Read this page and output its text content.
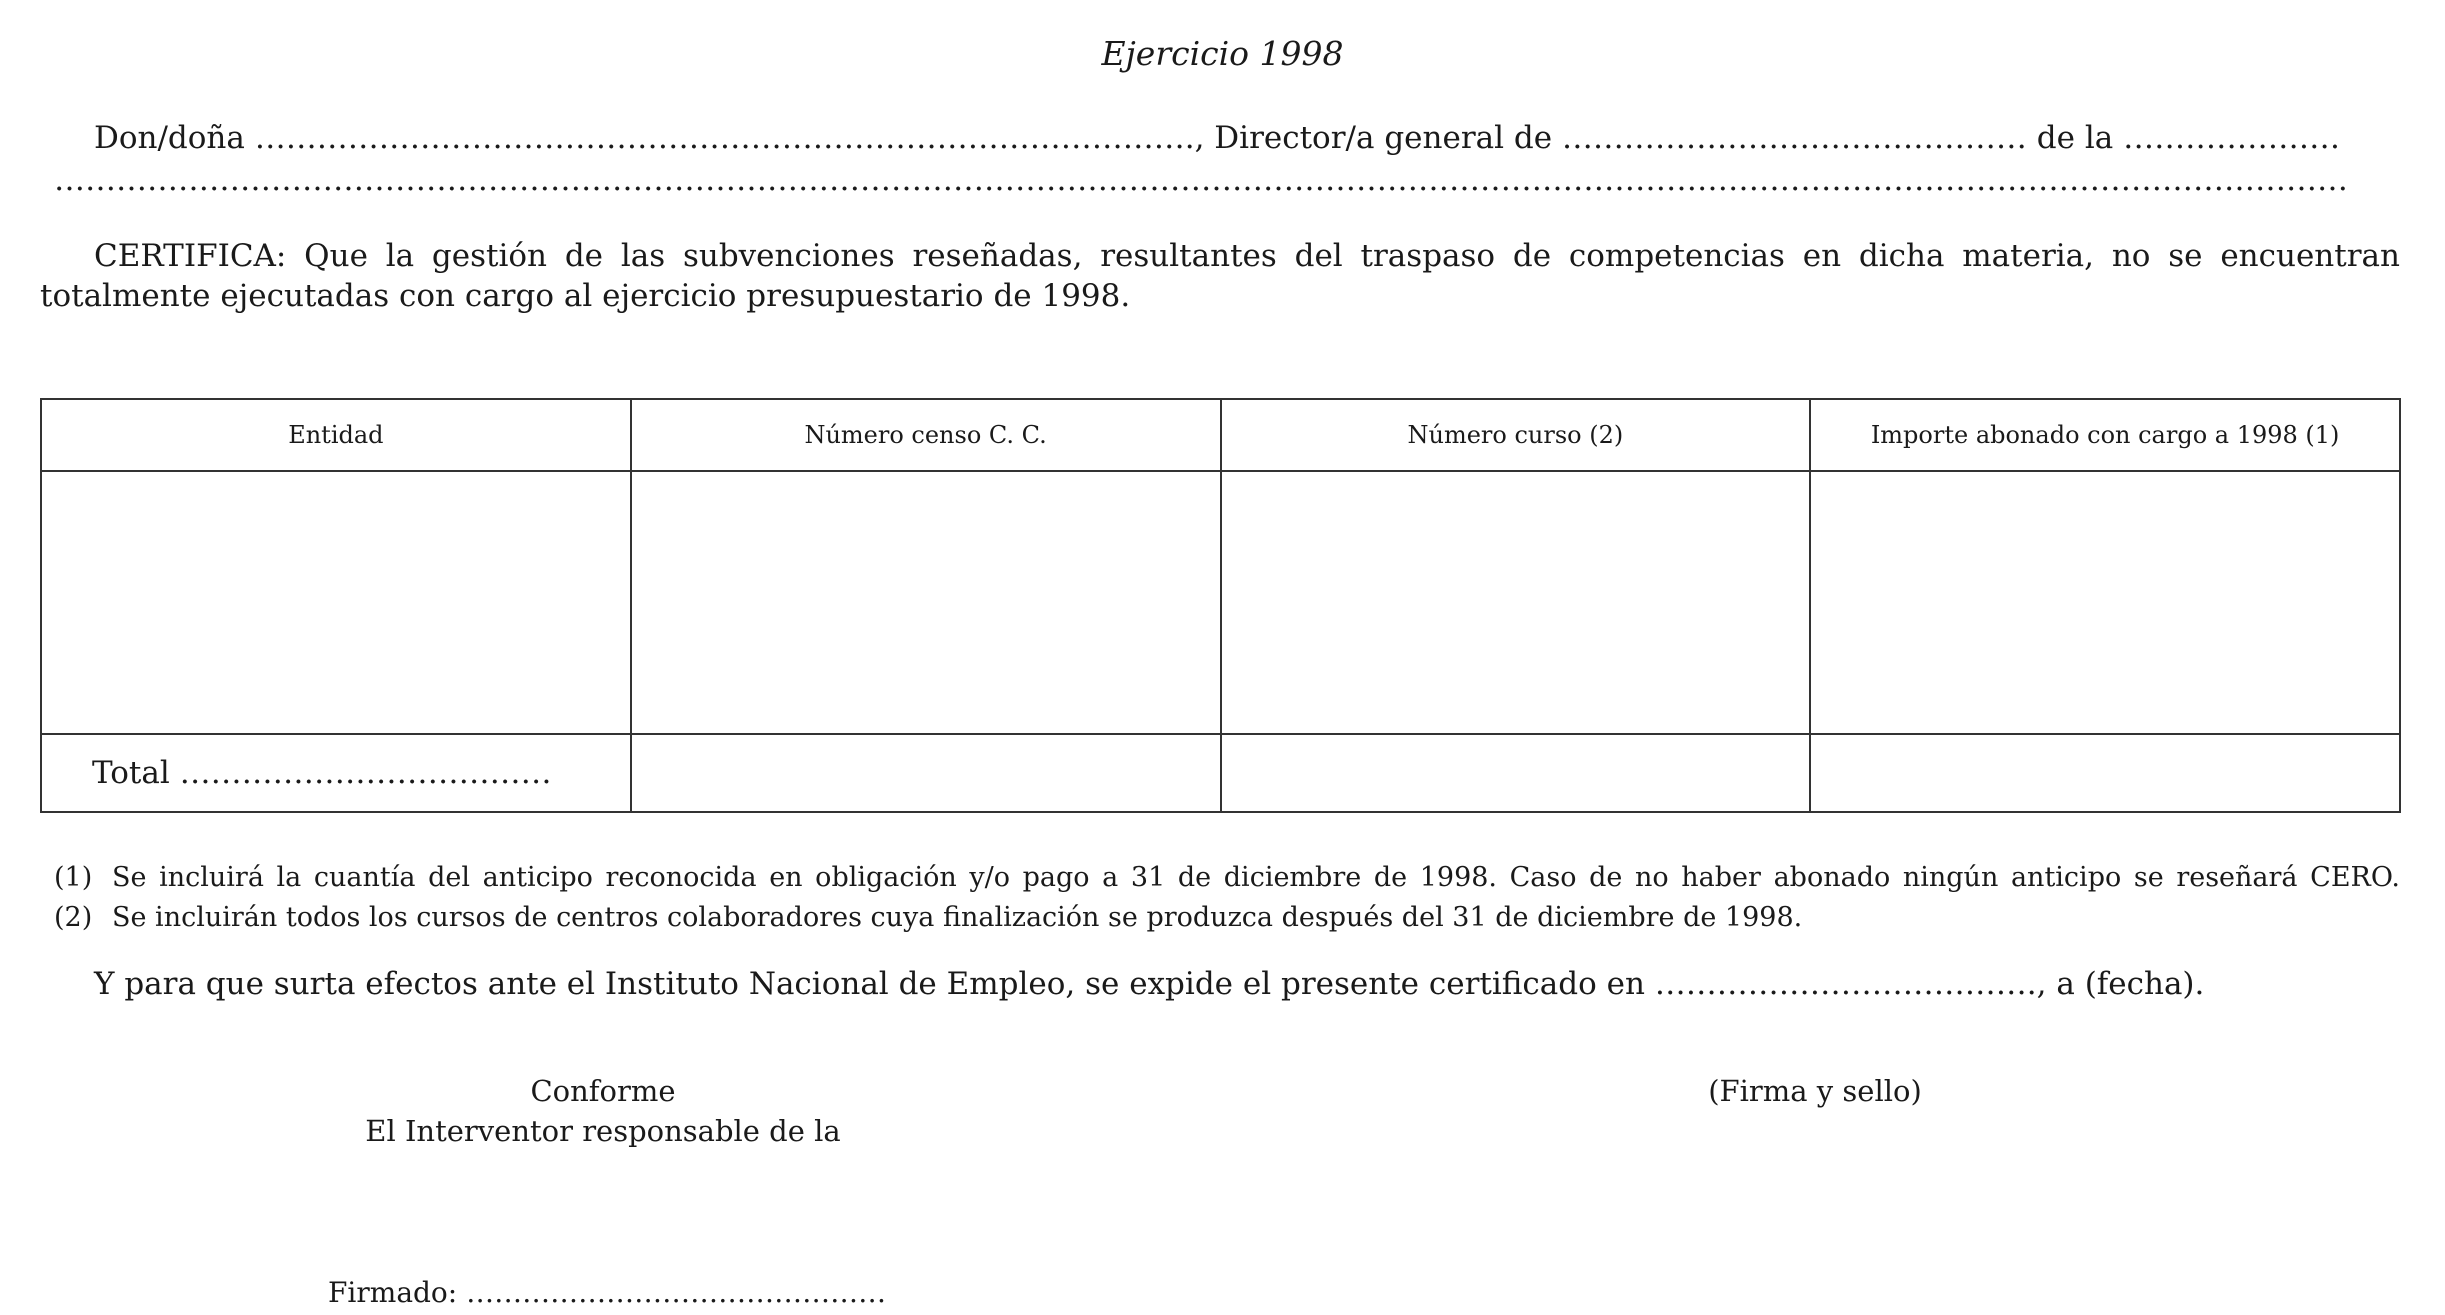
Ejercicio 1998
Don/doña ………………………………………………………………………………., Director/a general de ……………………………………… de la …………………
……………………………………………………………………………………………………………………………………………………………………………………………………
CERTIFICA: Que la gestión de las subvenciones reseñadas, resultantes del traspaso de competencias en dicha materia, no se encuentran totalmente ejecutadas con cargo al ejercicio presupuestario de 1998.
Entidad	Número censo C. C.	Número curso (2)	Importe abonado con cargo a 1998 (1)

Total ………………………………			
(1) Se incluirá la cuantía del anticipo reconocida en obligación y/o pago a 31 de diciembre de 1998. Caso de no haber abonado ningún anticipo se reseñará CERO.
(2) Se incluirán todos los cursos de centros colaboradores cuya finalización se produzca después del 31 de diciembre de 1998.
Y para que surta efectos ante el Instituto Nacional de Empleo, se expide el presente certificado en ………………………………., a (fecha).
Conforme
El Interventor responsable de la
(Firma y sello)
Firmado: ………………………………………
